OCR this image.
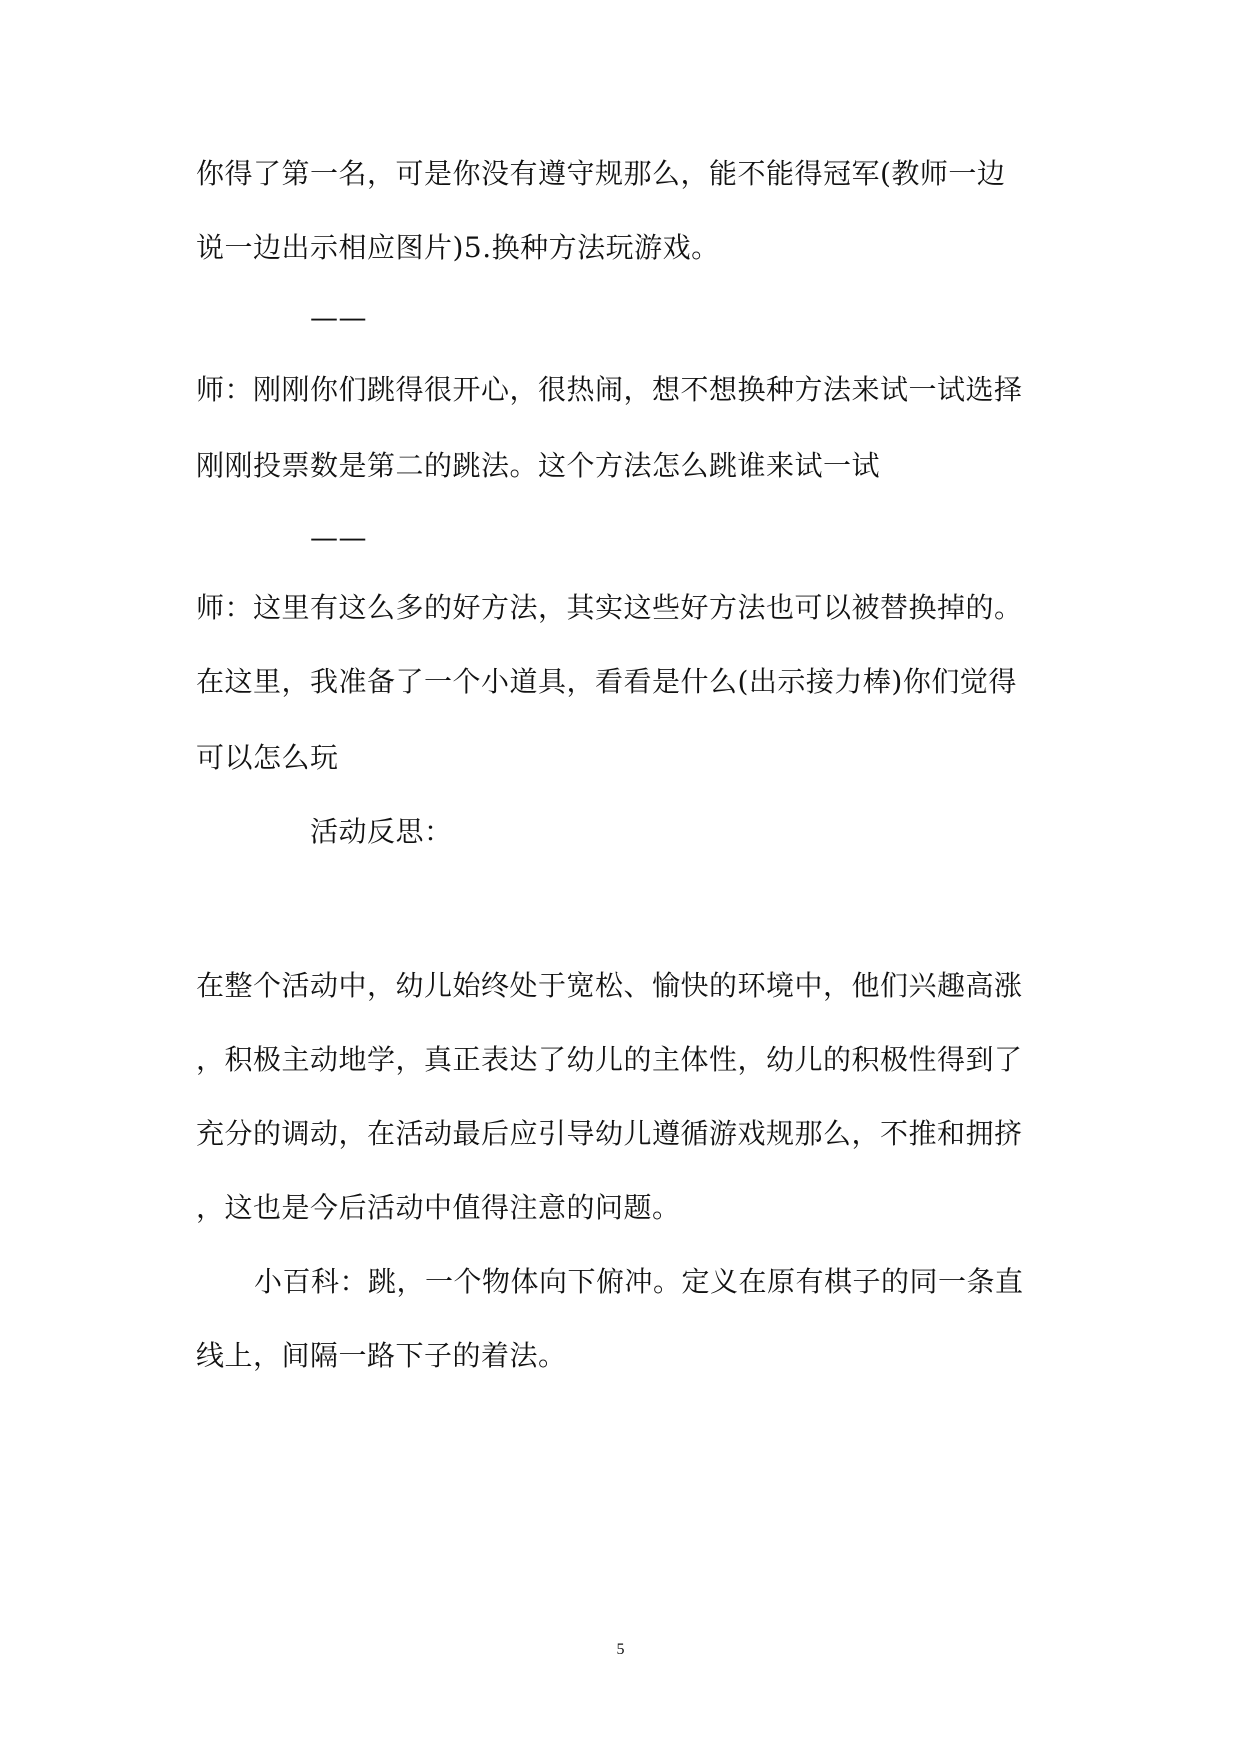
你得了第一名，可是你没有遵守规那么，能不能得冠军(教师一边
说一边出示相应图片)5.换种方法玩游戏。
——
师：刚刚你们跳得很开心，很热闹，想不想换种方法来试一试选择
刚刚投票数是第二的跳法。这个方法怎么跳谁来试一试
——
师：这里有这么多的好方法，其实这些好方法也可以被替换掉的。
在这里，我准备了一个小道具，看看是什么(出示接力棒)你们觉得
可以怎么玩
活动反思：
在整个活动中，幼儿始终处于宽松、愉快的环境中，他们兴趣高涨
，积极主动地学，真正表达了幼儿的主体性，幼儿的积极性得到了
充分的调动，在活动最后应引导幼儿遵循游戏规那么，不推和拥挤
，这也是今后活动中值得注意的问题。
小百科：跳，一个物体向下俯冲。定义在原有棋子的同一条直
线上，间隔一路下子的着法。
5
